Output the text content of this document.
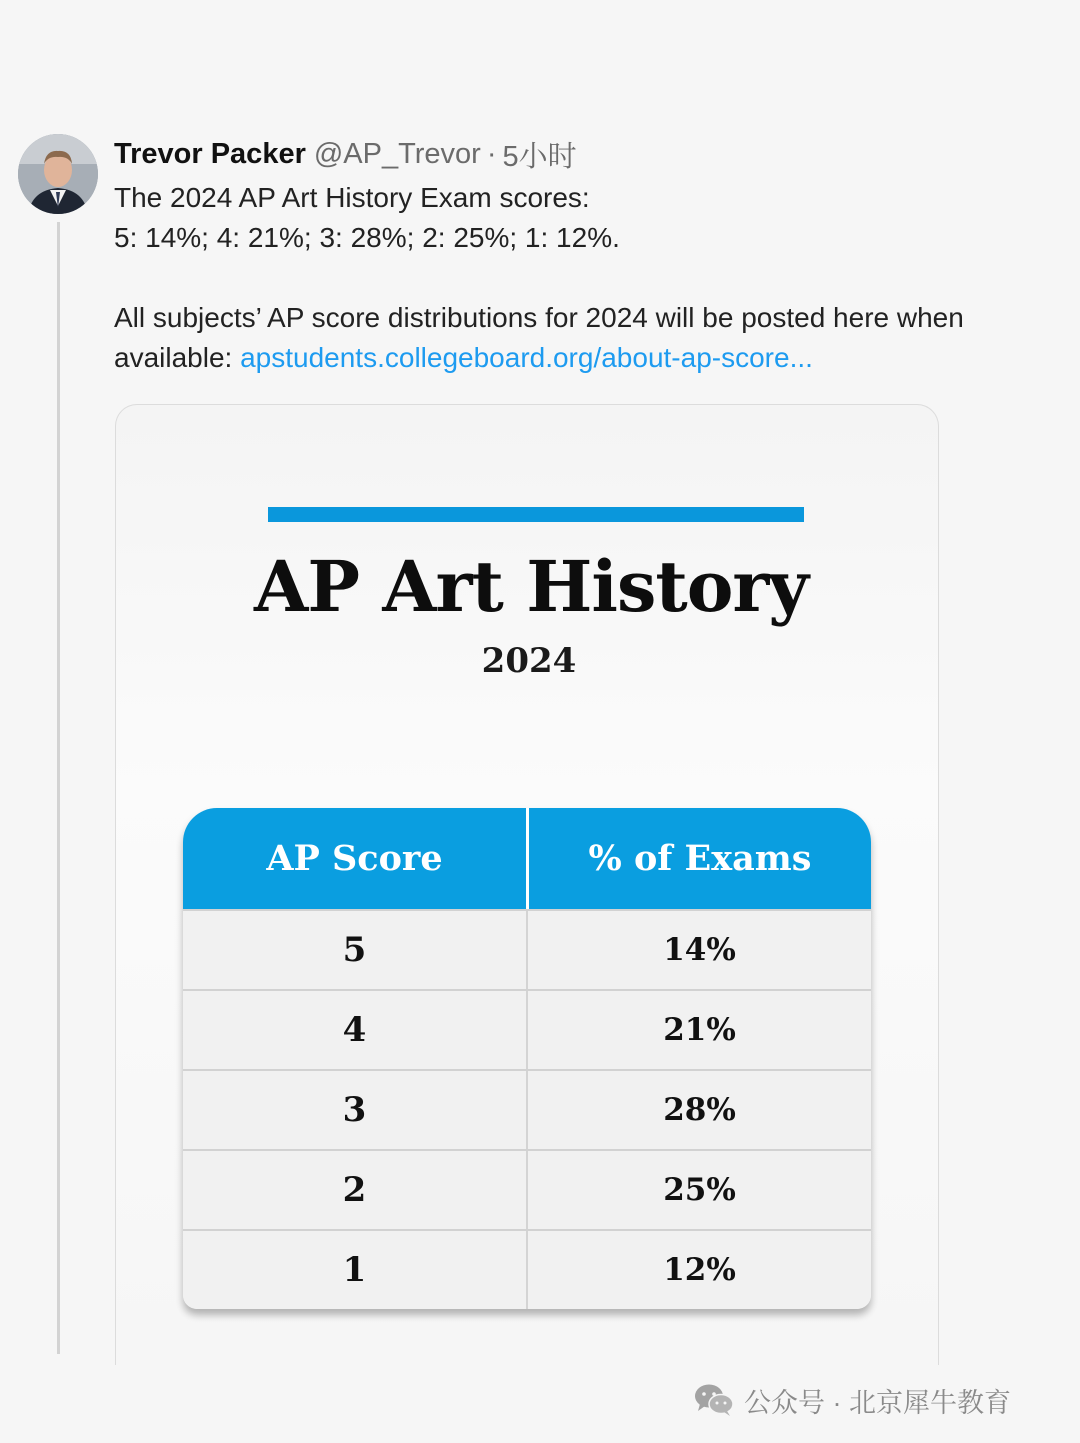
Trevor Packer @AP_Trevor · 5小时

The 2024 AP Art History Exam scores:

5: 14%; 4: 21%; 3: 28%; 2: 25%; 1: 12%.

All subjects’ AP score distributions for 2024 will be posted here when

available: apstudents.collegeboard.org/about-ap-score...

AP Art History
2024
AP Score	% of Exams
5	14%
4	21%
3	28%
2	25%
1	12%
公众号 · 北京犀牛教育
